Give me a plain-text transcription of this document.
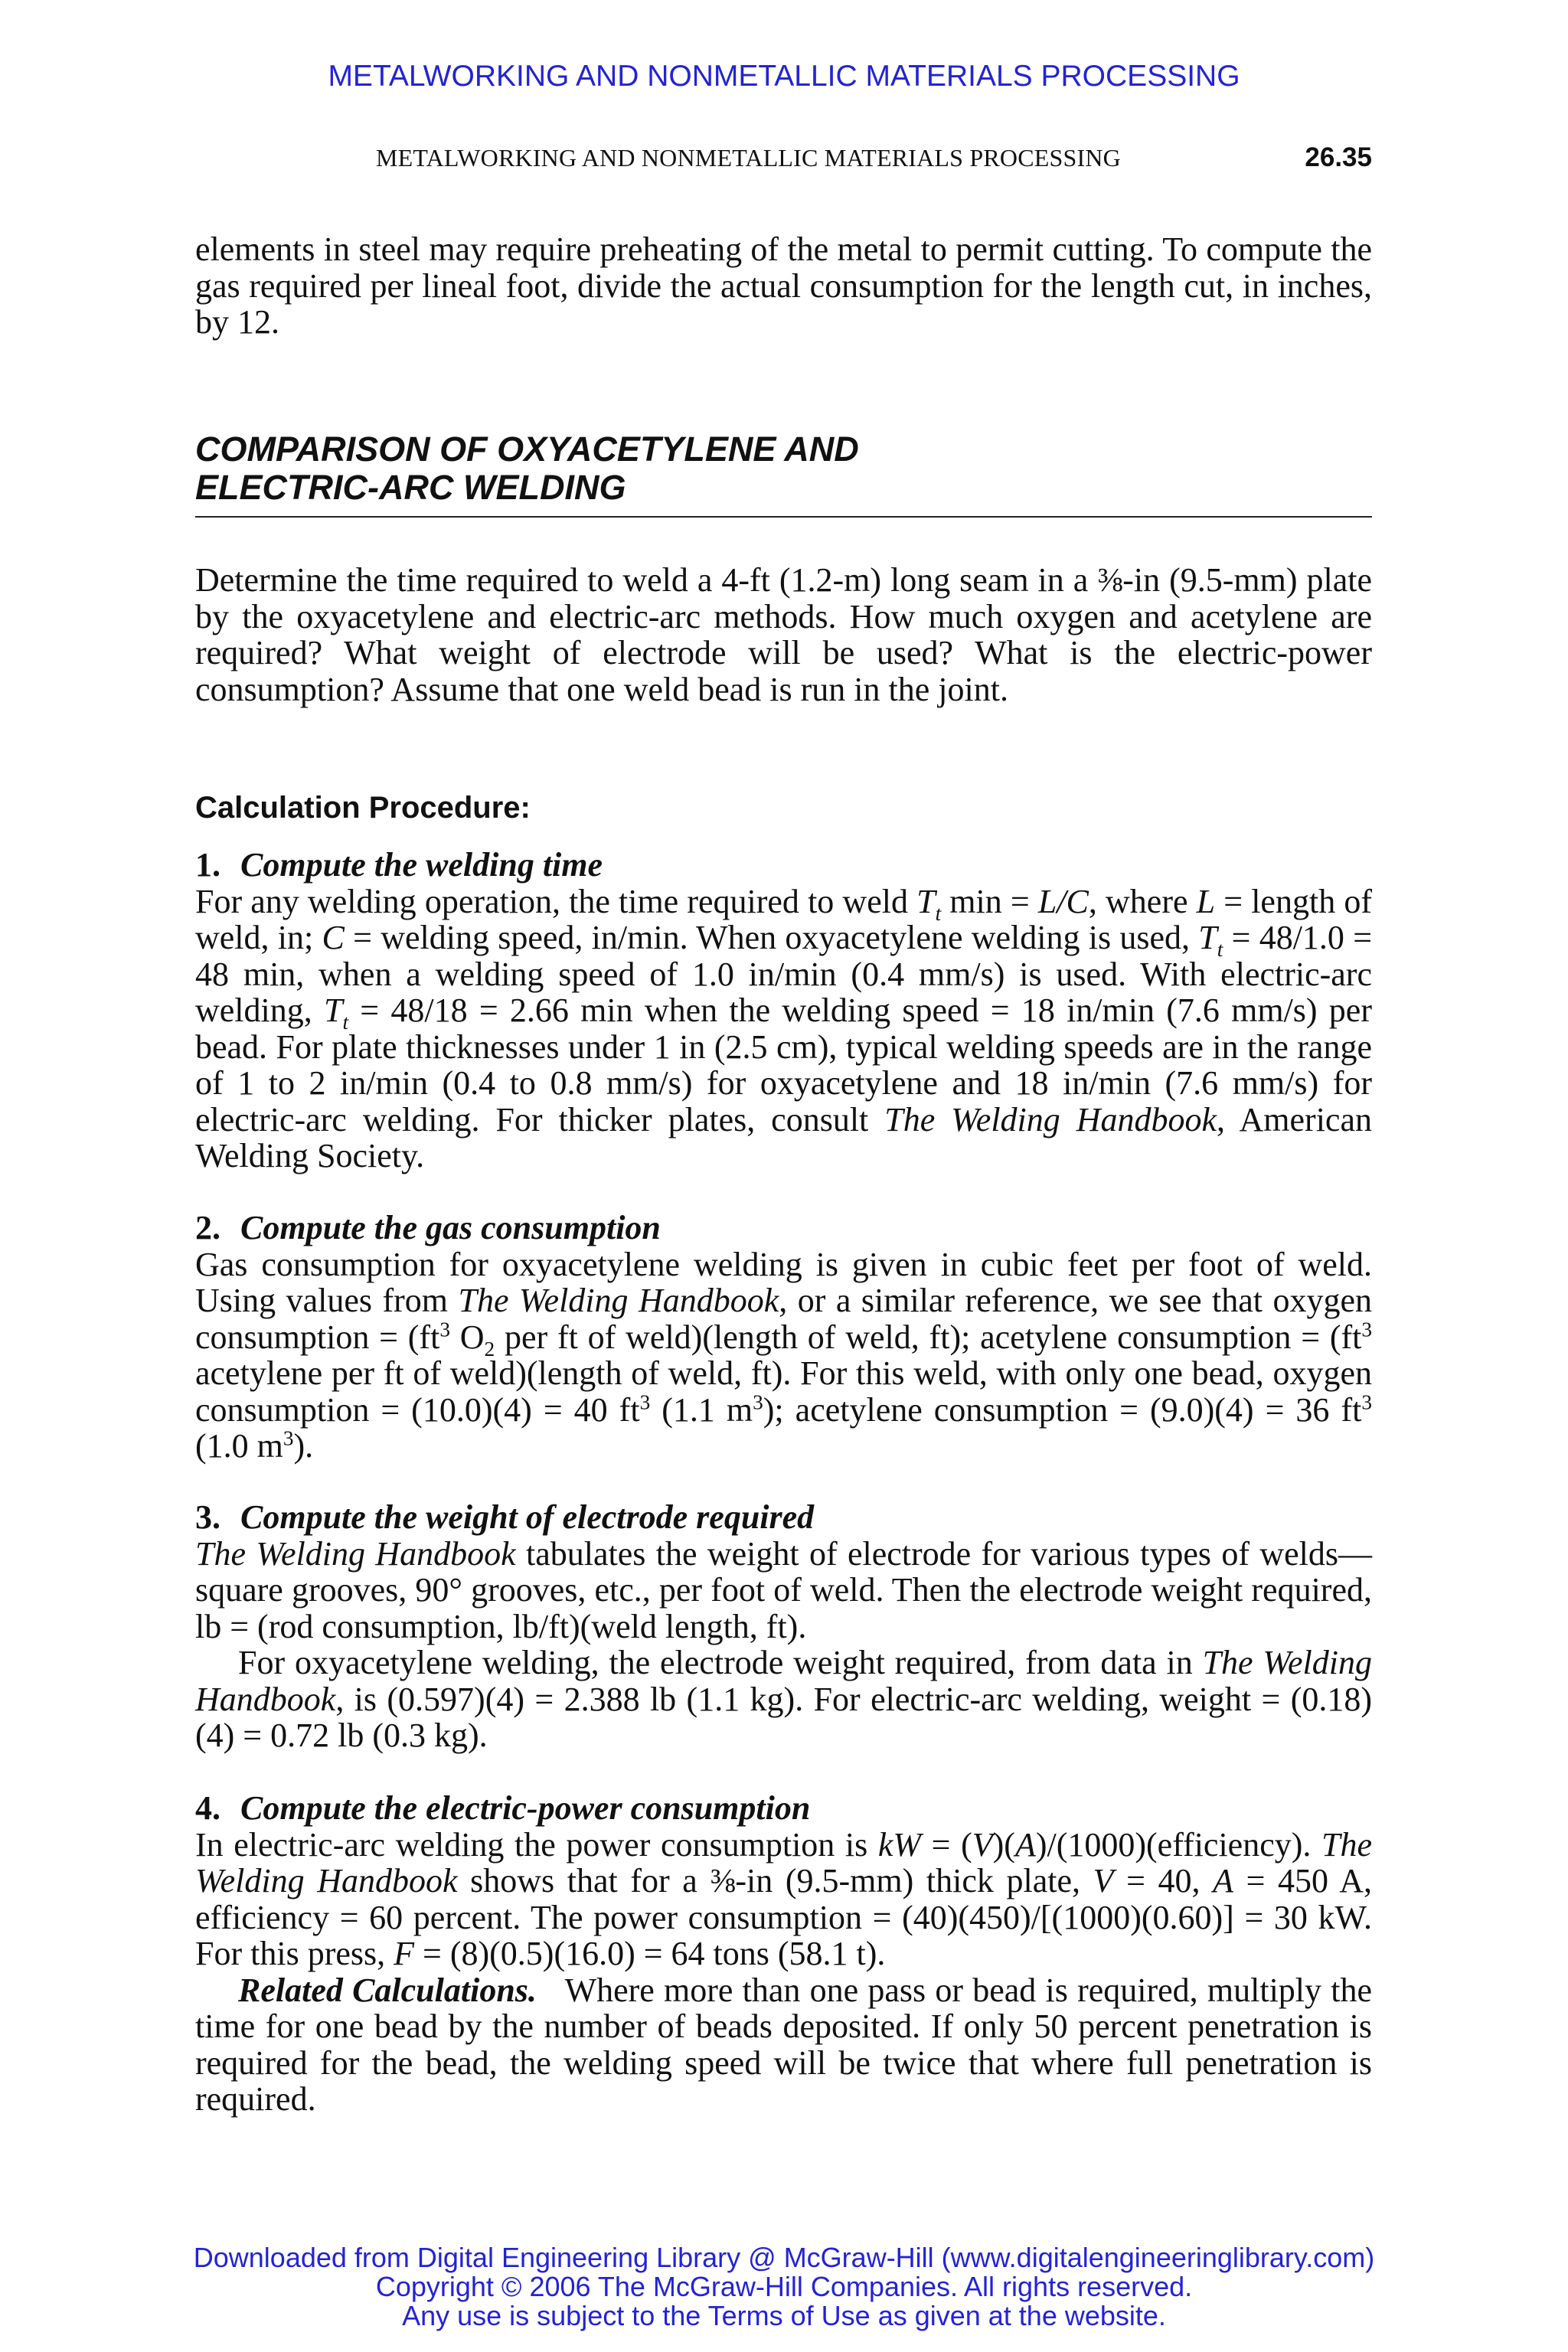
METALWORKING AND NONMETALLIC MATERIALS PROCESSING
METALWORKING AND NONMETALLIC MATERIALS PROCESSING	26.35

elements in steel may require preheating of the metal to permit cutting. To compute the gas required per lineal foot, divide the actual consumption for the length cut, in inches, by 12.

COMPARISON OF OXYACETYLENE AND
ELECTRIC-ARC WELDING

Determine the time required to weld a 4-ft (1.2-m) long seam in a ⅜-in (9.5-mm) plate by the oxyacetylene and electric-arc methods. How much oxygen and acetylene are required? What weight of electrode will be used? What is the electric-power consumption? Assume that one weld bead is run in the joint.

Calculation Procedure:

1. Compute the welding time

For any welding operation, the time required to weld $T_t$ min = L/C, where L = length of weld, in; C = welding speed, in/min. When oxyacetylene welding is used, $T_t = 48/1.0 = 48$ min, when a welding speed of 1.0 in/min (0.4 mm/s) is used. With electric-arc welding, $T_t = 48/18 = 2.66$ min when the welding speed = 18 in/min (7.6 mm/s) per bead. For plate thicknesses under 1 in (2.5 cm), typical welding speeds are in the range of 1 to 2 in/min (0.4 to 0.8 mm/s) for oxyacetylene and 18 in/min (7.6 mm/s) for electric-arc welding. For thicker plates, consult The Welding Handbook, American Welding Society.

2. Compute the gas consumption

Gas consumption for oxyacetylene welding is given in cubic feet per foot of weld. Using values from The Welding Handbook, or a similar reference, we see that oxygen consumption = ($ft^3$ $O_2$ per ft of weld)(length of weld, ft); acetylene consumption = ($ft^3$ acetylene per ft of weld)(length of weld, ft). For this weld, with only one bead, oxygen consumption = (10.0)(4) = 40 $ft^3$ (1.1 $m^3$); acetylene consumption = (9.0)(4) = 36 $ft^3$ (1.0 $m^3$).

3. Compute the weight of electrode required

The Welding Handbook tabulates the weight of electrode for various types of welds—square grooves, 90° grooves, etc., per foot of weld. Then the electrode weight required, lb = (rod consumption, lb/ft)(weld length, ft).

For oxyacetylene welding, the electrode weight required, from data in The Welding Handbook, is (0.597)(4) = 2.388 lb (1.1 kg). For electric-arc welding, weight = (0.18)(4) = 0.72 lb (0.3 kg).

4. Compute the electric-power consumption

In electric-arc welding the power consumption is kW = (V)(A)/(1000)(efficiency). The Welding Handbook shows that for a ⅜-in (9.5-mm) thick plate, V = 40, A = 450 A, efficiency = 60 percent. The power consumption = (40)(450)/[(1000)(0.60)] = 30 kW. For this press, F = (8)(0.5)(16.0) = 64 tons (58.1 t).

Related Calculations. Where more than one pass or bead is required, multiply the time for one bead by the number of beads deposited. If only 50 percent penetration is required for the bead, the welding speed will be twice that where full penetration is required.

Downloaded from Digital Engineering Library @ McGraw-Hill (www.digitalengineeringlibrary.com)
Copyright © 2006 The McGraw-Hill Companies. All rights reserved.
Any use is subject to the Terms of Use as given at the website.
